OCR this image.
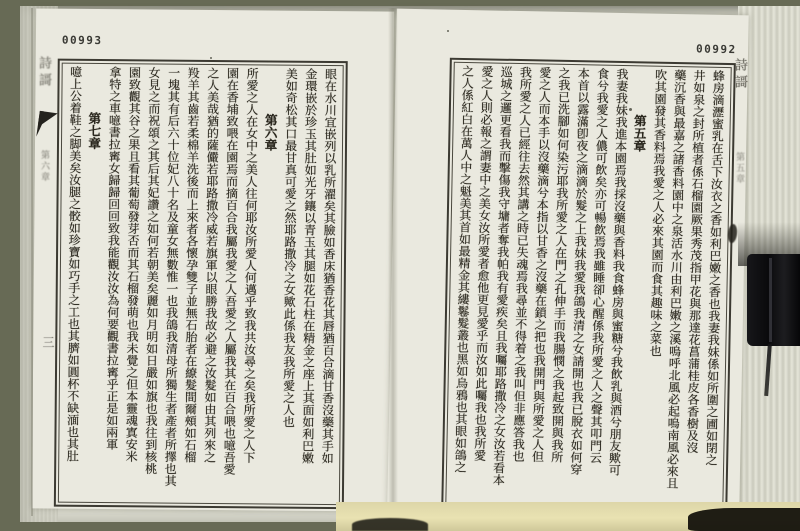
00993
眼在水川宜嵌列以乳所濯矣其臉如香床猶香花其唇猶百合滴甘香沒藥其手如
金環嵌於珍玉其肚如光牙鑲以青玉其腿如花石柱在精金之座上其面如利巴嫩
美如奇松其口最甘真可愛之然耶路撒冷之女歟此係我友我所愛之人也
第六章
所愛之人在女中之美人往何耶汝所愛人何邁乎致我共汝尋之矣我所愛之人下
園在香埔致喂在園焉而摘百合我屬我愛之人吾愛之人屬我其在百合喂也噫吾愛
之人美哉猶的薩儼若耶路撒冷威若旗軍以眼勝我故必避之汝髮如由其列來之
羖羊其齒若柔棉羊洗後而上來者各懷孕雙子並無石胎者在繚髮間爾頰如石榴
一塊其有后六十位妃八十名及童女無數惟一也我鴿我清母所獨生者產者所擇也其
女見之而祝頌之其后其妃讚之如何若朝美矣麗如月明如日嚴如旗也我往到核桃
園致觀其谷之果且看其葡萄發芽否而其石榴發萌也我未覺之但本靈魂寘安米
拿特之車噫書拉寗女歸歸回回致我能觀汝汝為何要觀書拉寗乎正是如兩軍
第七章
噫上公着鞋之脚美矣汝腿之骹如珍寶如巧手之工也其臍如圓杯不缺湎也其肚
00992
蜂房滴瀝蜜乳在舌下汝衣之香如利巴嫩之香也我妻我妹係如所圍之圃如閉之
井如泉之封所植者係石榴園厥果秀茂指甲花與那達花菖蒲桂皮各香樹及沒
藥沉香與最嘉之諸香料園中之泉活水川由利巴嫩之溪嗚呼北風必起嗚南風必來且
吹其園發其香料焉我愛之人必來其園而食其趣味之菜也
第五章
我妻我妹我進本園焉我採沒藥與香料我食蜂房與蜜糖兮我飲乳與酒兮朋友歟可
食兮我愛之人儂可飲矣亦可暢飲焉我雖睡卻心醒係我所愛之人之聲其叩門云
本首以露滿卽夜之滴滴於髮之上我妹我愛我鴿我清之女請開也我已脫衣如何穿
之我已洗腳如何染污耶我所愛之人在門之孔伸手而我腸憫之我起致開與我所
愛之人而本手以沒藥滴兮本指以甘香之沒藥在鎖之把也我開門與所愛之人但
我所愛之人已經往去然其講之時已失魂焉我尋並不得着之我叫但非應答我也
巡城之邏更看我而擊傷我守墉者奪我帕我有愛疾矣且我囑耶路撒冷之女汝若看本
愛之人則必報之謂妻中之美女汝所愛者愈他更見愛乎而汝如此囑我也我所愛
之人係紅白在萬人中之魁美其首如最精金其縷鬈髮叢也黑如烏鴉也其眼如鴿之
詩謌
第六章
三
詩謌
第五章
